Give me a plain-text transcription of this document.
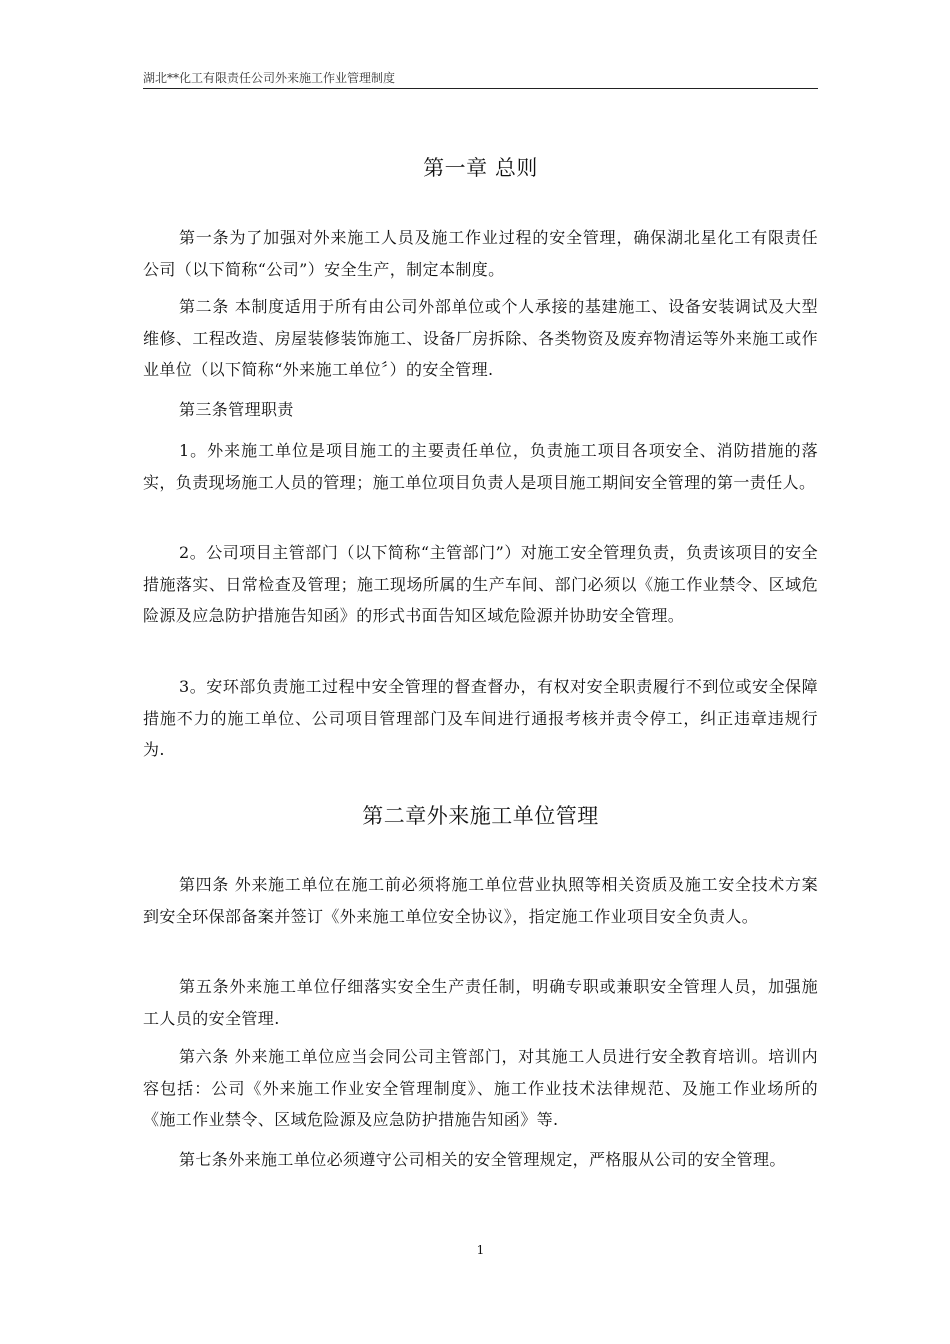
湖北**化工有限责任公司外来施工作业管理制度
第一章 总则

第一条为了加强对外来施工人员及施工作业过程的安全管理，确保湖北星化工有限责任公司（以下简称“公司”）安全生产，制定本制度。

第二条 本制度适用于所有由公司外部单位或个人承接的基建施工、设备安装调试及大型维修、工程改造、房屋装修装饰施工、设备厂房拆除、各类物资及废弃物清运等外来施工或作业单位（以下简称“外来施工单位〞）的安全管理.

第三条管理职责

1。外来施工单位是项目施工的主要责任单位，负责施工项目各项安全、消防措施的落实，负责现场施工人员的管理；施工单位项目负责人是项目施工期间安全管理的第一责任人。

2。公司项目主管部门（以下简称“主管部门”）对施工安全管理负责，负责该项目的安全措施落实、日常检查及管理；施工现场所属的生产车间、部门必须以《施工作业禁令、区域危险源及应急防护措施告知函》的形式书面告知区域危险源并协助安全管理。

3。安环部负责施工过程中安全管理的督查督办，有权对安全职责履行不到位或安全保障措施不力的施工单位、公司项目管理部门及车间进行通报考核并责令停工，纠正违章违规行为.

第二章外来施工单位管理

第四条 外来施工单位在施工前必须将施工单位营业执照等相关资质及施工安全技术方案到安全环保部备案并签订《外来施工单位安全协议》，指定施工作业项目安全负责人。

第五条外来施工单位仔细落实安全生产责任制，明确专职或兼职安全管理人员，加强施工人员的安全管理.

第六条 外来施工单位应当会同公司主管部门，对其施工人员进行安全教育培训。培训内容包括：公司《外来施工作业安全管理制度》、施工作业技术法律规范、及施工作业场所的《施工作业禁令、区域危险源及应急防护措施告知函》等.

第七条外来施工单位必须遵守公司相关的安全管理规定，严格服从公司的安全管理。

1
